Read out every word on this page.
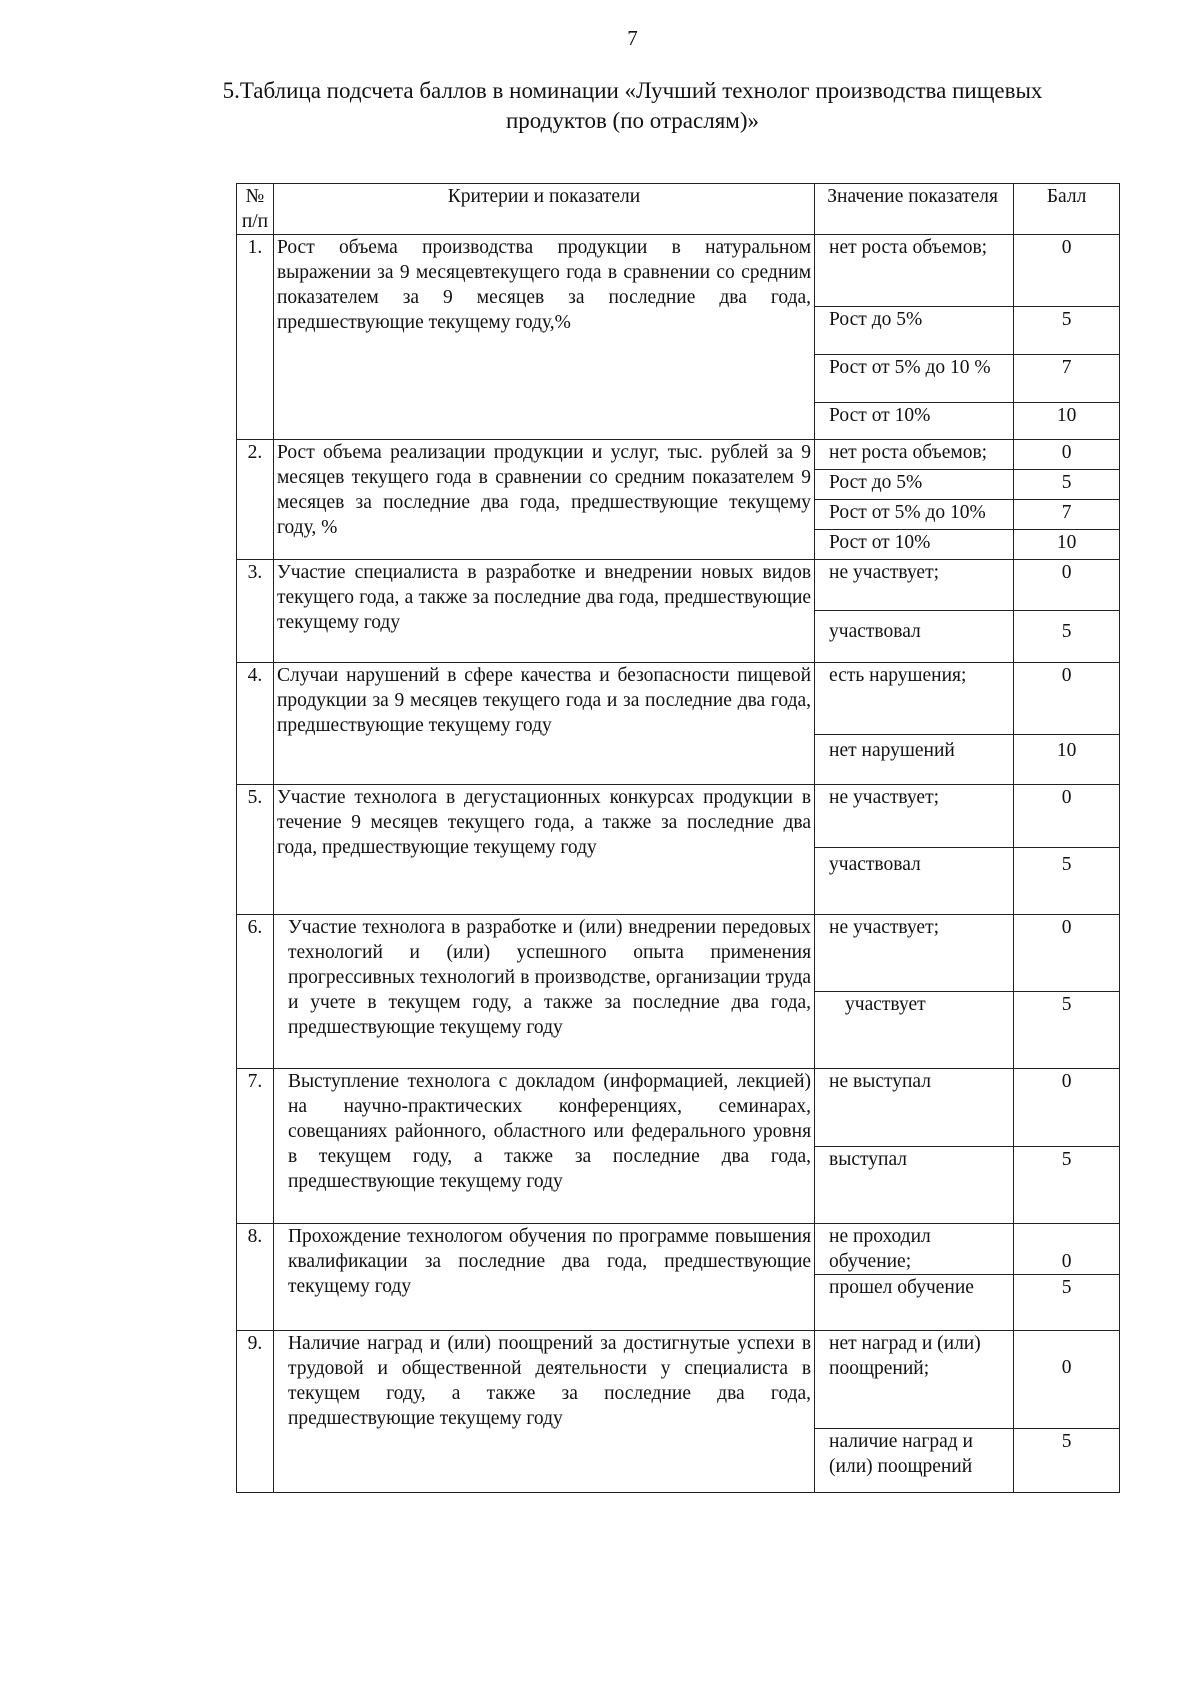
7
5.Таблица подсчета баллов в номинации «Лучший технолог производства пищевых
продуктов (по отраслям)»
№ п/п	Критерии и показатели	Значение показателя	Балл
1.	Рост объема производства продукции в натуральном выражении за 9 месяцевтекущего года в сравнении со средним показателем за 9 месяцев за последние два года, предшествующие текущему году,%	нет роста объемов;	0
		Рост до 5%	5
		Рост от 5% до 10 %	7
		Рост от 10%	10
2.	Рост объема реализации продукции и услуг, тыс. рублей за 9 месяцев текущего года в сравнении со средним показателем 9 месяцев за последние два года, предшествующие текущему году, %	нет роста объемов;	0
		Рост до 5%	5
		Рост от 5% до 10%	7
		Рост от 10%	10
3.	Участие специалиста в разработке и внедрении новых видов текущего года, а также за последние два года, предшествующие текущему году	не участвует;	0
		участвовал	5
4.	Случаи нарушений в сфере качества и безопасности пищевой продукции за 9 месяцев текущего года и за последние два года, предшествующие текущему году	есть нарушения;	0
		нет нарушений	10
5.	Участие технолога в дегустационных конкурсах продукции в течение 9 месяцев текущего года, а также за последние два года, предшествующие текущему году	не участвует;	0
		участвовал	5
6.	Участие технолога в разработке и (или) внедрении передовых технологий и (или) успешного опыта применения прогрессивных технологий в производстве, организации труда и учете в текущем году, а также за последние два года, предшествующие текущему году	не участвует;	0
		участвует	5
7.	Выступление технолога с докладом (информацией, лекцией) на научно-практических конференциях, семинарах, совещаниях районного, областного или федерального уровня в текущем году, а также за последние два года, предшествующие текущему году	не выступал	0
		выступал	5
8.	Прохождение технологом обучения по программе повышения квалификации за последние два года, предшествующие текущему году	не проходил обучение;	0
		прошел обучение	5
9.	Наличие наград и (или) поощрений за достигнутые успехи в трудовой и общественной деятельности у специалиста в текущем году, а также за последние два года, предшествующие текущему году	нет наград и (или) поощрений;	0
		наличие наград и (или) поощрений	5
